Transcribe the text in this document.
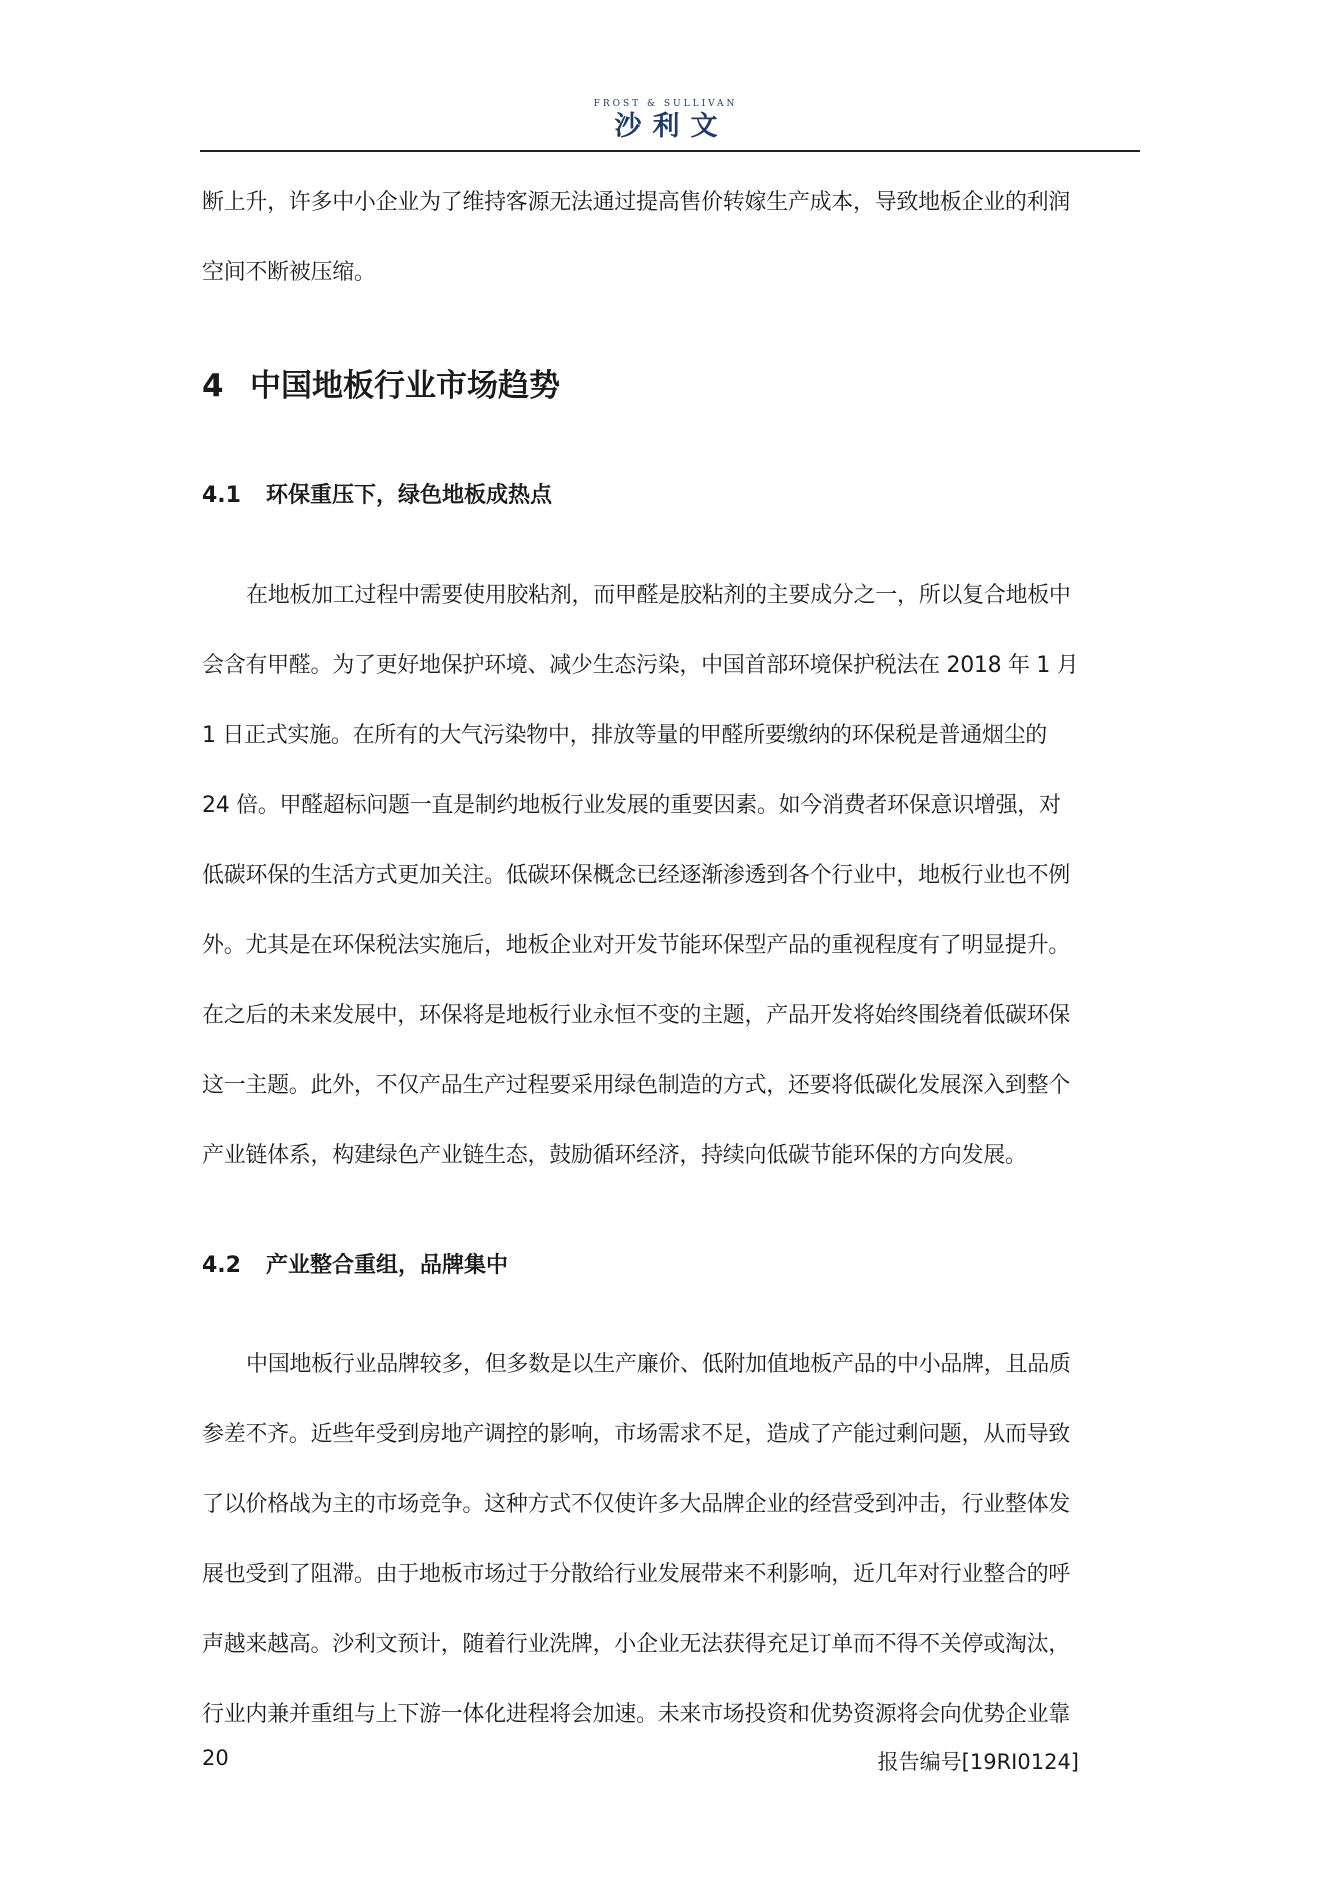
FROST & SULLIVAN
沙利文

断上升，许多中小企业为了维持客源无法通过提高售价转嫁生产成本，导致地板企业的利润

空间不断被压缩。

4 中国地板行业市场趋势
4.1 环保重压下，绿色地板成热点

在地板加工过程中需要使用胶粘剂，而甲醛是胶粘剂的主要成分之一，所以复合地板中

会含有甲醛。为了更好地保护环境、减少生态污染，中国首部环境保护税法在 2018 年 1 月

1 日正式实施。在所有的大气污染物中，排放等量的甲醛所要缴纳的环保税是普通烟尘的

24 倍。甲醛超标问题一直是制约地板行业发展的重要因素。如今消费者环保意识增强，对

低碳环保的生活方式更加关注。低碳环保概念已经逐渐渗透到各个行业中，地板行业也不例

外。尤其是在环保税法实施后，地板企业对开发节能环保型产品的重视程度有了明显提升。

在之后的未来发展中，环保将是地板行业永恒不变的主题，产品开发将始终围绕着低碳环保

这一主题。此外，不仅产品生产过程要采用绿色制造的方式，还要将低碳化发展深入到整个

产业链体系，构建绿色产业链生态，鼓励循环经济，持续向低碳节能环保的方向发展。

4.2 产业整合重组，品牌集中

中国地板行业品牌较多，但多数是以生产廉价、低附加值地板产品的中小品牌，且品质

参差不齐。近些年受到房地产调控的影响，市场需求不足，造成了产能过剩问题，从而导致

了以价格战为主的市场竞争。这种方式不仅使许多大品牌企业的经营受到冲击，行业整体发

展也受到了阻滞。由于地板市场过于分散给行业发展带来不利影响，近几年对行业整合的呼

声越来越高。沙利文预计，随着行业洗牌，小企业无法获得充足订单而不得不关停或淘汰，

行业内兼并重组与上下游一体化进程将会加速。未来市场投资和优势资源将会向优势企业靠

20	报告编号[19RI0124]
